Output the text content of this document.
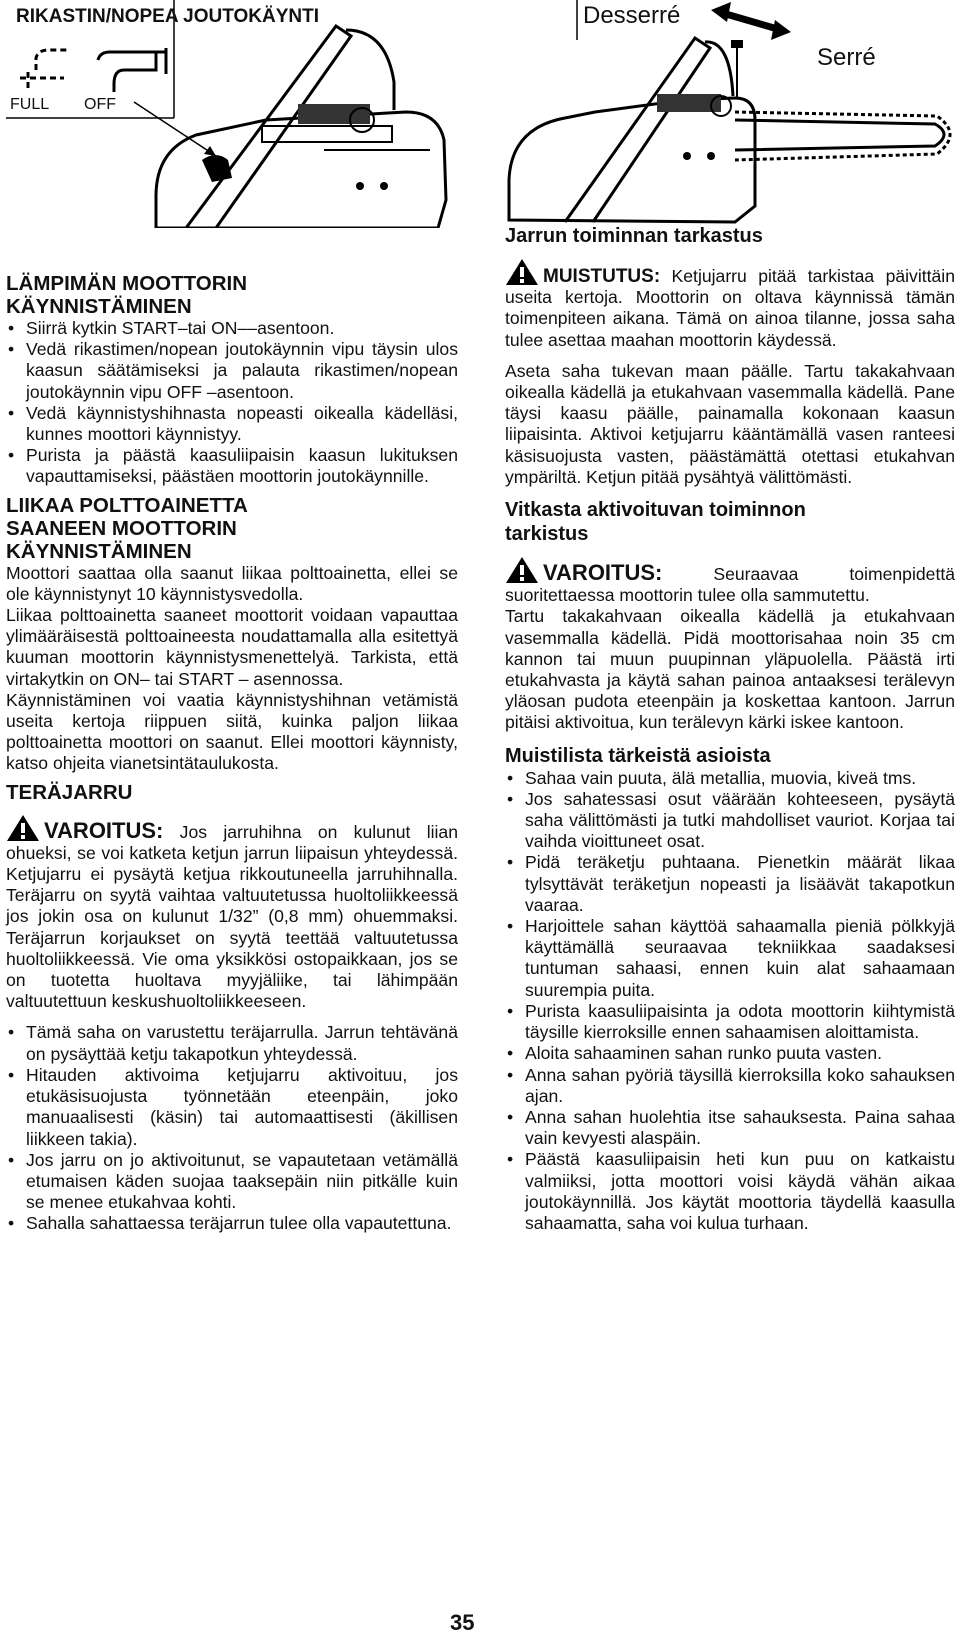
RIKASTIN/NOPEA JOUTOKÄYNTI
FULL OFF
LÄMPIMÄN MOOTTORIN
KÄYNNISTÄMINEN
• Siirrä kytkin START–tai ON––asentoon.
• Vedä rikastimen/nopean joutokäynnin vipu täysin ulos kaasun säätämiseksi ja palauta rikastimen/nopean joutokäynnin vipu OFF –asentoon.
• Vedä käynnistyshihnasta nopeasti oikealla kädelläsi, kunnes moottori käynnistyy.
• Purista ja päästä kaasuliipaisin kaasun lukituksen vapauttamiseksi, päästäen moottorin joutokäynnille.
LIIKAA POLTTOAINETTA
SAANEEN MOOTTORIN
KÄYNNISTÄMINEN

Moottori saattaa olla saanut liikaa polttoainetta, ellei se ole käynnistynyt 10 käynnistysvedolla.

Liikaa polttoainetta saaneet moottorit voidaan vapauttaa ylimääräisestä polttoaineesta noudattamalla alla esitettyä kuuman moottorin käynnistysmenettelyä. Tarkista, että virtakytkin on ON– tai START – asennossa.

Käynnistäminen voi vaatia käynnistyshihnan vetämistä useita kertoja riippuen siitä, kuinka paljon liikaa polttoainetta moottori on saanut. Ellei moottori käynnisty, katso ohjeita vianetsintätaulukosta.

TERÄJARRU

VAROITUS: Jos jarruhihna on kulunut liian ohueksi, se voi katketa ketjun jarrun liipaisun yhteydessä. Ketjujarru ei pysäytä ketjua rikkoutuneella jarruhihnalla. Teräjarru on syytä vaihtaa valtuutetussa huoltoliikkeessä jos jokin osa on kulunut 1/32” (0,8 mm) ohuemmaksi. Teräjarrun korjaukset on syytä teettää valtuutetussa huoltoliikkeessä. Vie oma yksikkösi ostopaikkaan, jos se on tuotetta huoltava myyjäliike, tai lähimpään valtuutettuun keskushuoltoliikkeeseen.

• Tämä saha on varustettu teräjarrulla. Jarrun tehtävänä on pysäyttää ketju takapotkun yhteydessä.
• Hitauden aktivoima ketjujarru aktivoituu, jos etukäsisuojusta työnnetään eteenpäin, joko manuaalisesti (käsin) tai automaattisesti (äkillisen liikkeen takia).
• Jos jarru on jo aktivoitunut, se vapautetaan vetämällä etumaisen käden suojaa taaksepäin niin pitkälle kuin se menee etukahvaa kohti.
• Sahalla sahattaessa teräjarrun tulee olla vapautettuna.
Desserré
Serré
Jarrun toiminnan tarkastus

MUISTUTUS: Ketjujarru pitää tarkistaa päivittäin useita kertoja. Moottorin on oltava käynnissä tämän toimenpiteen aikana. Tämä on ainoa tilanne, jossa saha tulee asettaa maahan moottorin käydessä.

Aseta saha tukevan maan päälle. Tartu takakahvaan oikealla kädellä ja etukahvaan vasemmalla kädellä. Pane täysi kaasu päälle, painamalla kokonaan kaasun liipaisinta. Aktivoi ketjujarru kääntämällä vasen ranteesi käsisuojusta vasten, päästämättä otettasi etukahvan ympäriltä. Ketjun pitää pysähtyä välittömästi.

Vitkasta aktivoituvan toiminnon
tarkistus

VAROITUS:	Seuraavaa toimenpidettä suoritettaessa moottorin tulee olla sammutettu.

Tartu takakahvaan oikealla kädellä ja etukahvaan vasemmalla kädellä. Pidä moottorisahaa noin 35 cm kannon tai muun puupinnan yläpuolella. Päästä irti etukahvasta ja käytä sahan painoa antaaksesi terälevyn yläosan pudota eteenpäin ja koskettaa kantoon. Jarrun pitäisi aktivoitua, kun terälevyn kärki iskee kantoon.

Muistilista tärkeistä asioista
• Sahaa vain puuta, älä metallia, muovia, kiveä tms.
• Jos sahatessasi osut väärään kohteeseen, pysäytä saha välittömästi ja tutki mahdolliset vauriot. Korjaa tai vaihda vioittuneet osat.
• Pidä teräketju puhtaana. Pienetkin määrät likaa tylsyttävät teräketjun nopeasti ja lisäävät takapotkun vaaraa.
• Harjoittele sahan käyttöä sahaamalla pieniä pölkkyjä käyttämällä seuraavaa tekniikkaa saadaksesi tuntuman sahaasi, ennen kuin alat sahaamaan suurempia puita.
• Purista kaasuliipaisinta ja odota moottorin kiihtymistä täysille kierroksille ennen sahaamisen aloittamista.
• Aloita sahaaminen sahan runko puuta vasten.
• Anna sahan pyöriä täysillä kierroksilla koko sahauksen ajan.
• Anna sahan huolehtia itse sahauksesta. Paina sahaa vain kevyesti alaspäin.
• Päästä kaasuliipaisin heti kun puu on katkaistu valmiiksi, jotta moottori voisi käydä vähän aikaa joutokäynnillä. Jos käytät moottoria täydellä kaasulla sahaamatta, saha voi kulua turhaan.
35
